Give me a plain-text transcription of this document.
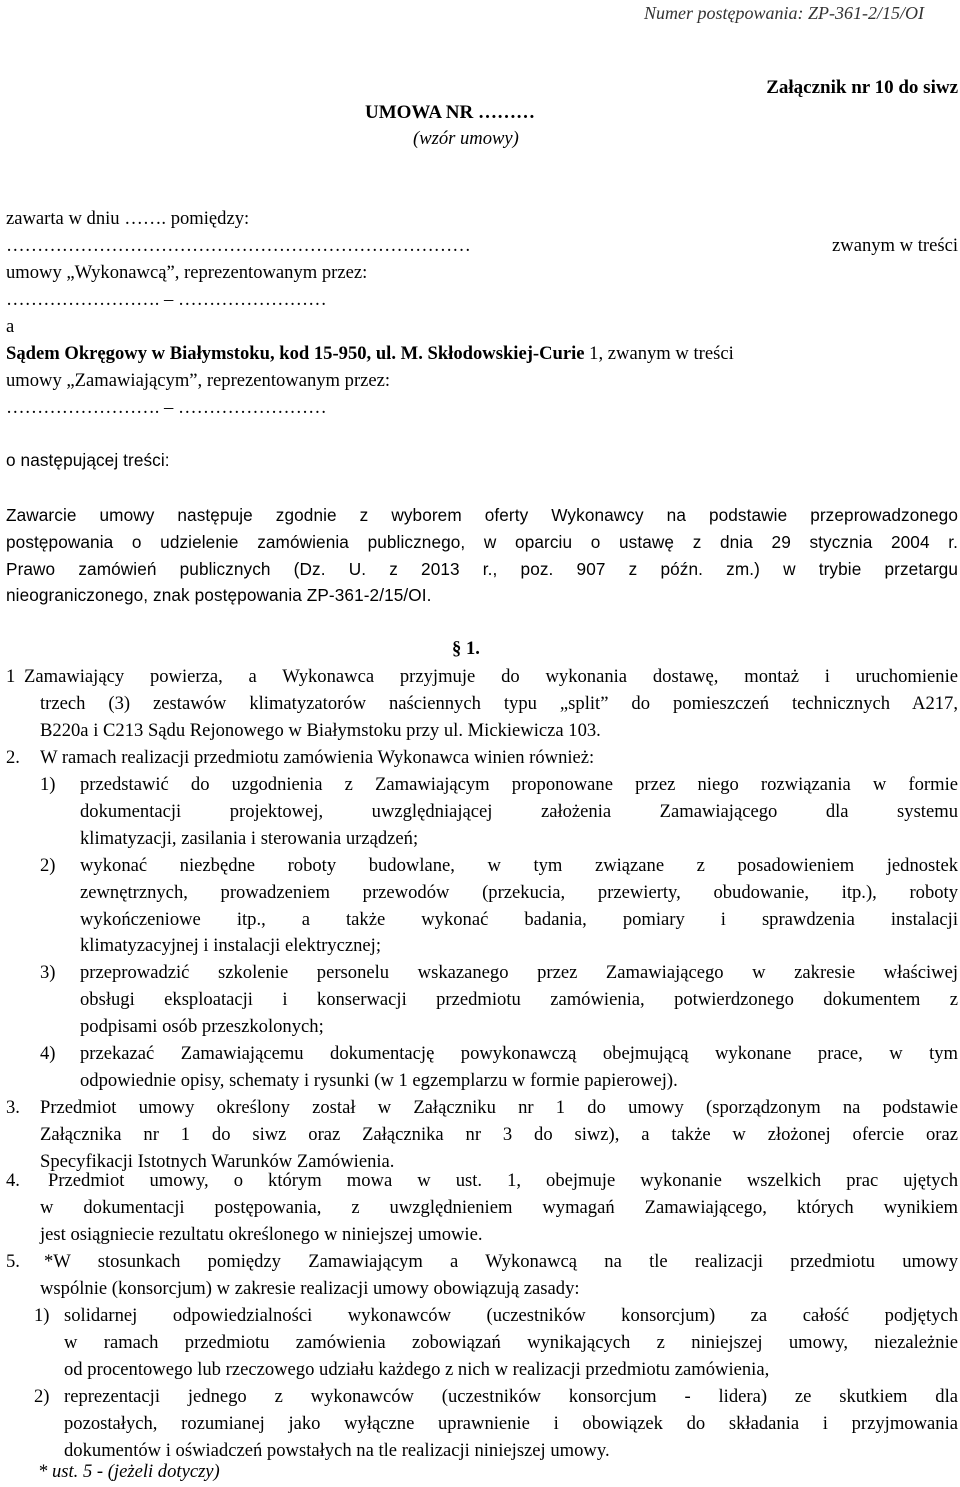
Numer postępowania: ZP-361-2/15/OI
Załącznik nr 10 do siwz
UMOWA NR ………
(wzór umowy)
zawarta w dniu ……. pomiędzy:
…………………………………………………………………	zwanym w treści
umowy „Wykonawcą”, reprezentowanym przez:
……………………. – ……………………
a
Sądem Okręgowy w Białymstoku, kod 15-950, ul. M. Skłodowskiej-Curie 1, zwanym w treści
umowy „Zamawiającym”, reprezentowanym przez:
……………………. – ……………………
o następującej treści:
Zawarcie umowy następuje zgodnie z wyborem oferty Wykonawcy na podstawie przeprowadzonego
postępowania o udzielenie zamówienia publicznego, w oparciu o ustawę z dnia 29 stycznia 2004 r.
Prawo zamówień publicznych (Dz. U. z 2013 r., poz. 907 z późn. zm.) w trybie przetargu
nieograniczonego, znak postępowania ZP-361-2/15/OI.
§ 1.
1 Zamawiający powierza, a Wykonawca przyjmuje do wykonania dostawę, montaż i uruchomienie
trzech (3) zestawów klimatyzatorów naściennych typu „split” do pomieszczeń technicznych A217,
B220a i C213 Sądu Rejonowego w Białymstoku przy ul. Mickiewicza 103.
2. W ramach realizacji przedmiotu zamówienia Wykonawca winien również:
1) przedstawić do uzgodnienia z Zamawiającym proponowane przez niego rozwiązania w formie
dokumentacji projektowej, uwzględniającej założenia Zamawiającego dla systemu
klimatyzacji, zasilania i sterowania urządzeń;
2) wykonać niezbędne roboty budowlane, w tym związane z posadowieniem jednostek
zewnętrznych, prowadzeniem przewodów (przekucia, przewierty, obudowanie, itp.), roboty
wykończeniowe itp., a także wykonać badania, pomiary i sprawdzenia instalacji
klimatyzacyjnej i instalacji elektrycznej;
3) przeprowadzić szkolenie personelu wskazanego przez Zamawiającego w zakresie właściwej
obsługi eksploatacji i konserwacji przedmiotu zamówienia, potwierdzonego dokumentem z
podpisami osób przeszkolonych;
4) przekazać Zamawiającemu dokumentację powykonawczą obejmującą wykonane prace, w tym
odpowiednie opisy, schematy i rysunki (w 1 egzemplarzu w formie papierowej).
3. Przedmiot umowy określony został w Załączniku nr 1 do umowy (sporządzonym na podstawie
Załącznika nr 1 do siwz oraz Załącznika nr 3 do siwz), a także w złożonej ofercie oraz
Specyfikacji Istotnych Warunków Zamówienia.
4. Przedmiot umowy, o którym mowa w ust. 1, obejmuje wykonanie wszelkich prac ujętych
w dokumentacji postępowania, z uwzględnieniem wymagań Zamawiającego, których wynikiem
jest osiągniecie rezultatu określonego w niniejszej umowie.
5. *W stosunkach pomiędzy Zamawiającym a Wykonawcą na tle realizacji przedmiotu umowy
wspólnie (konsorcjum) w zakresie realizacji umowy obowiązują zasady:
1) solidarnej odpowiedzialności wykonawców (uczestników konsorcjum) za całość podjętych
w ramach przedmiotu zamówienia zobowiązań wynikających z niniejszej umowy, niezależnie
od procentowego lub rzeczowego udziału każdego z nich w realizacji przedmiotu zamówienia,
2) reprezentacji jednego z wykonawców (uczestników konsorcjum - lidera) ze skutkiem dla
pozostałych, rozumianej jako wyłączne uprawnienie i obowiązek do składania i przyjmowania
dokumentów i oświadczeń powstałych na tle realizacji niniejszej umowy.
* ust. 5 - (jeżeli dotyczy)
